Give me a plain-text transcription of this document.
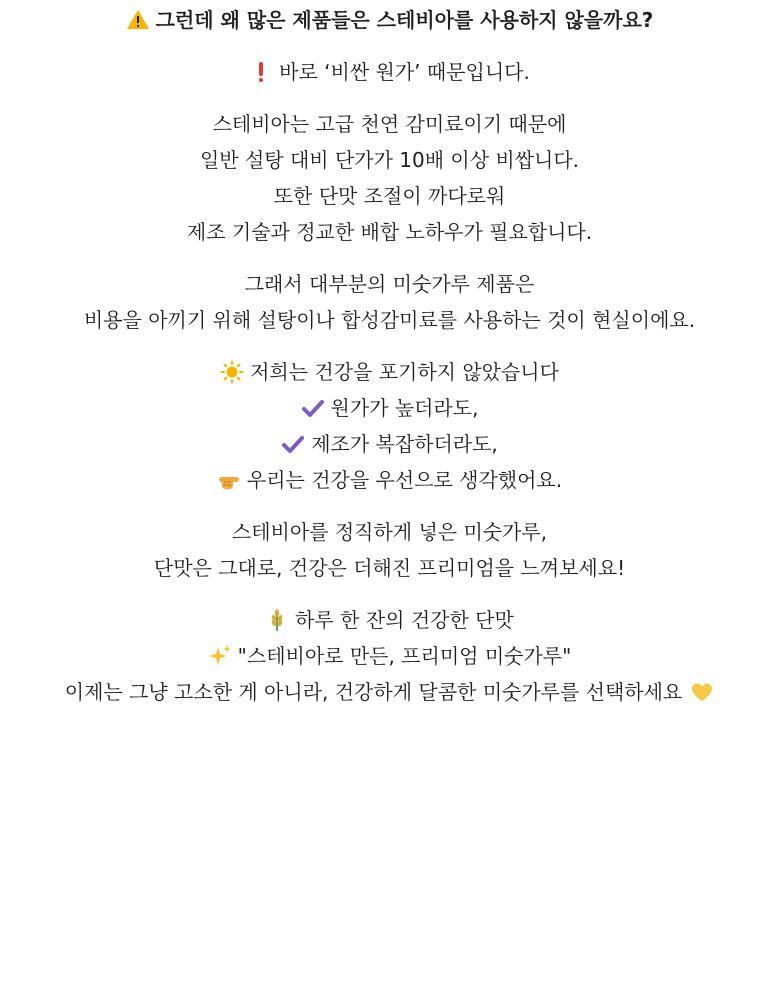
그런데 왜 많은 제품들은 스테비아를 사용하지 않을까요?
바로 ‘비싼 원가’ 때문입니다.
스테비아는 고급 천연 감미료이기 때문에
일반 설탕 대비 단가가 10배 이상 비쌉니다.
또한 단맛 조절이 까다로워
제조 기술과 정교한 배합 노하우가 필요합니다.
그래서 대부분의 미숫가루 제품은
비용을 아끼기 위해 설탕이나 합성감미료를 사용하는 것이 현실이에요.
저희는 건강을 포기하지 않았습니다
원가가 높더라도,
제조가 복잡하더라도,
우리는 건강을 우선으로 생각했어요.
스테비아를 정직하게 넣은 미숫가루,
단맛은 그대로, 건강은 더해진 프리미엄을 느껴보세요!
하루 한 잔의 건강한 단맛
"스테비아로 만든, 프리미엄 미숫가루"
이제는 그냥 고소한 게 아니라, 건강하게 달콤한 미숫가루를 선택하세요
